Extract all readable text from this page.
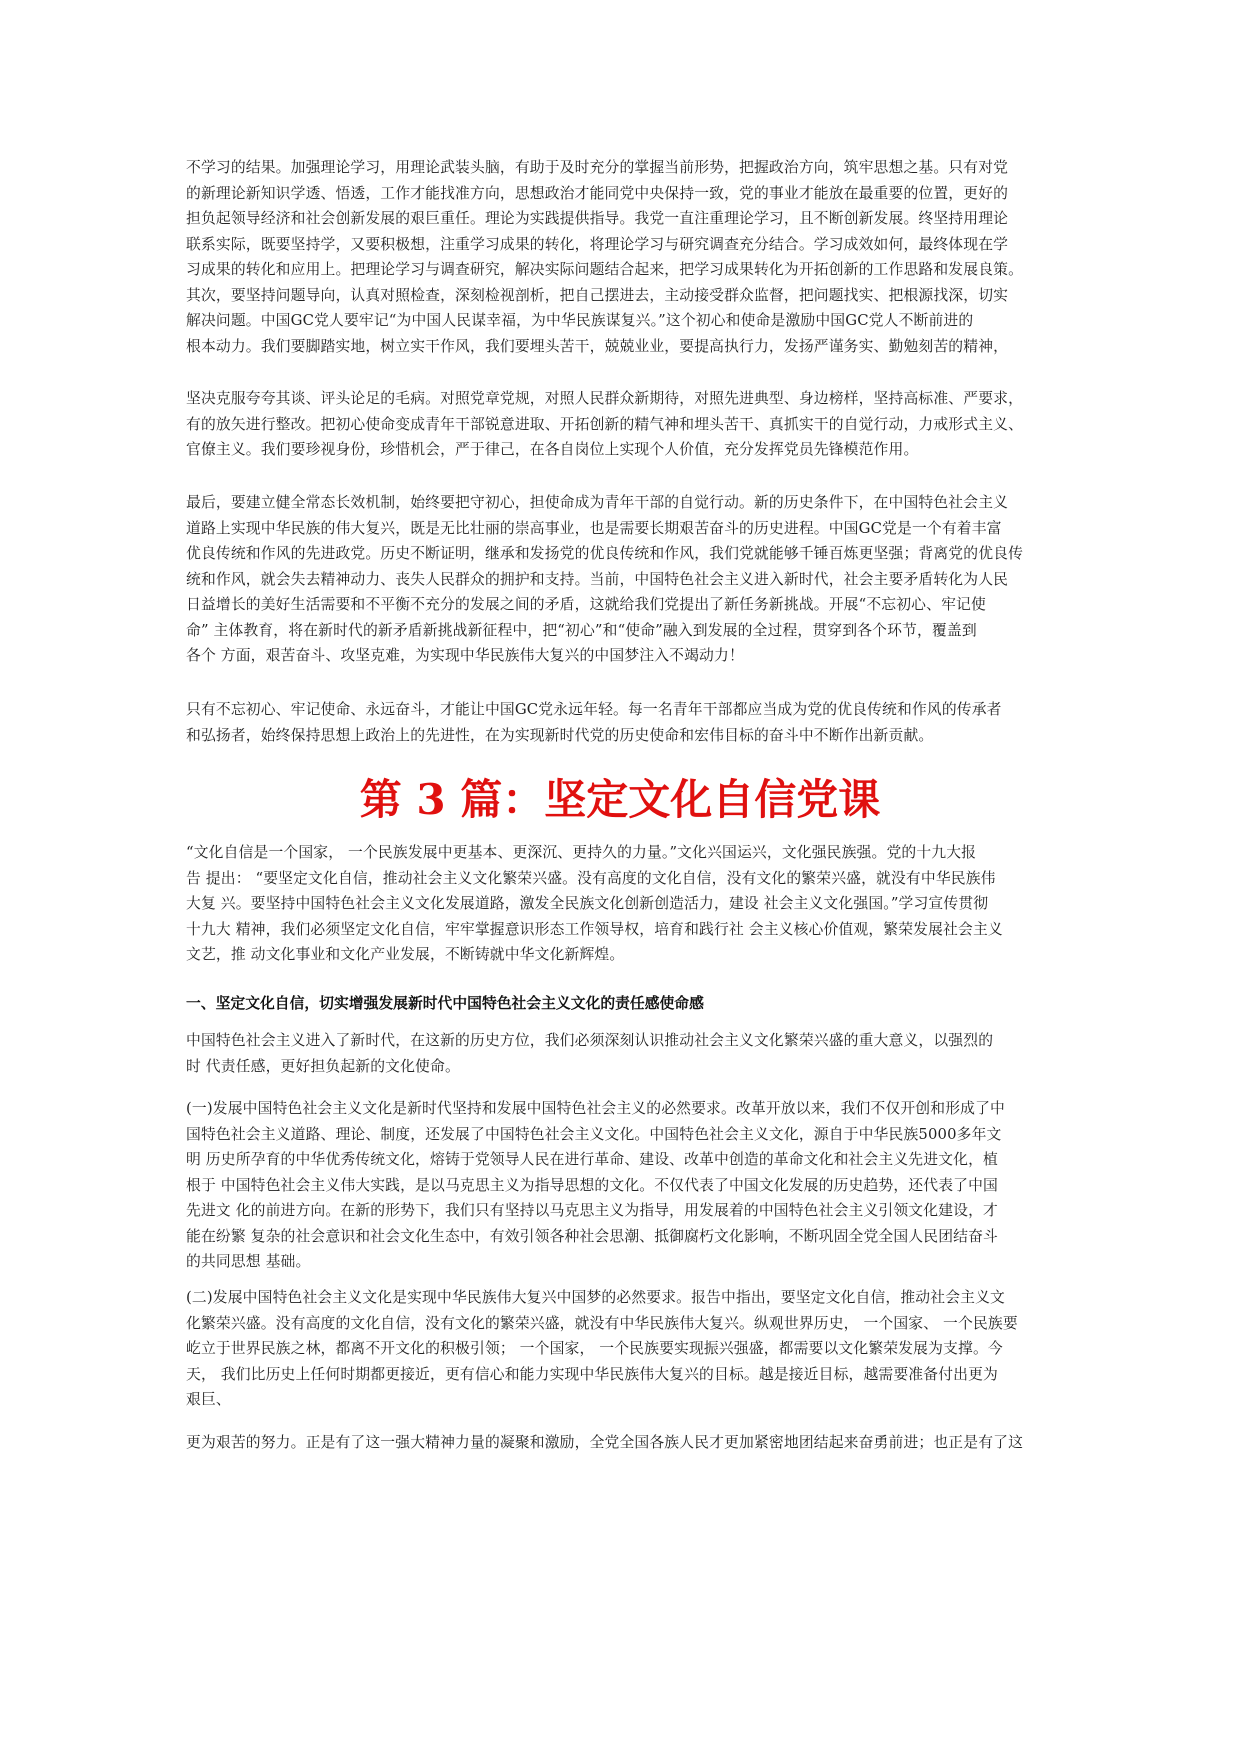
不学习的结果。加强理论学习，用理论武装头脑，有助于及时充分的掌握当前形势，把握政治方向，筑牢思想之基。只有对党
的新理论新知识学透、悟透，工作才能找准方向，思想政治才能同党中央保持一致，党的事业才能放在最重要的位置，更好的
担负起领导经济和社会创新发展的艰巨重任。理论为实践提供指导。我党一直注重理论学习，且不断创新发展。终坚持用理论
联系实际，既要坚持学，又要积极想，注重学习成果的转化，将理论学习与研究调查充分结合。学习成效如何，最终体现在学
习成果的转化和应用上。把理论学习与调查研究，解决实际问题结合起来，把学习成果转化为开拓创新的工作思路和发展良策。
其次，要坚持问题导向，认真对照检查，深刻检视剖析，把自己摆进去，主动接受群众监督，把问题找实、把根源找深，切实
解决问题。中国GC党人要牢记“为中国人民谋幸福，为中华民族谋复兴。”这个初心和使命是激励中国GC党人不断前进的
根本动力。我们要脚踏实地，树立实干作风，我们要埋头苦干，兢兢业业，要提高执行力，发扬严谨务实、勤勉刻苦的精神，
坚决克服夸夸其谈、评头论足的毛病。对照党章党规，对照人民群众新期待，对照先进典型、身边榜样，坚持高标准、严要求，
有的放矢进行整改。把初心使命变成青年干部锐意进取、开拓创新的精气神和埋头苦干、真抓实干的自觉行动，力戒形式主义、
官僚主义。我们要珍视身份，珍惜机会，严于律己，在各自岗位上实现个人价值，充分发挥党员先锋模范作用。
最后，要建立健全常态长效机制，始终要把守初心，担使命成为青年干部的自觉行动。新的历史条件下，在中国特色社会主义
道路上实现中华民族的伟大复兴，既是无比壮丽的崇高事业，也是需要长期艰苦奋斗的历史进程。中国GC党是一个有着丰富
优良传统和作风的先进政党。历史不断证明，继承和发扬党的优良传统和作风，我们党就能够千锤百炼更坚强；背离党的优良传
统和作风，就会失去精神动力、丧失人民群众的拥护和支持。当前，中国特色社会主义进入新时代，社会主要矛盾转化为人民
日益增长的美好生活需要和不平衡不充分的发展之间的矛盾，这就给我们党提出了新任务新挑战。开展“不忘初心、牢记使
命” 主体教育，将在新时代的新矛盾新挑战新征程中，把“初心”和“使命”融入到发展的全过程，贯穿到各个环节，覆盖到
各个 方面，艰苦奋斗、攻坚克难，为实现中华民族伟大复兴的中国梦注入不竭动力！
只有不忘初心、牢记使命、永远奋斗，才能让中国GC党永远年轻。每一名青年干部都应当成为党的优良传统和作风的传承者
和弘扬者，始终保持思想上政治上的先进性，在为实现新时代党的历史使命和宏伟目标的奋斗中不断作出新贡献。
第 3 篇：坚定文化自信党课
“文化自信是一个国家， 一个民族发展中更基本、更深沉、更持久的力量。”文化兴国运兴，文化强民族强。党的十九大报
告 提出： “要坚定文化自信，推动社会主义文化繁荣兴盛。没有高度的文化自信，没有文化的繁荣兴盛，就没有中华民族伟
大复 兴。要坚持中国特色社会主义文化发展道路，激发全民族文化创新创造活力，建设 社会主义文化强国。”学习宣传贯彻
十九大 精神，我们必须坚定文化自信，牢牢掌握意识形态工作领导权，培育和践行社 会主义核心价值观，繁荣发展社会主义
文艺，推 动文化事业和文化产业发展，不断铸就中华文化新辉煌。
一、坚定文化自信，切实增强发展新时代中国特色社会主义文化的责任感使命感
中国特色社会主义进入了新时代，在这新的历史方位，我们必须深刻认识推动社会主义文化繁荣兴盛的重大意义，以强烈的
时 代责任感，更好担负起新的文化使命。
(一)发展中国特色社会主义文化是新时代坚持和发展中国特色社会主义的必然要求。改革开放以来，我们不仅开创和形成了中
国特色社会主义道路、理论、制度，还发展了中国特色社会主义文化。中国特色社会主义文化，源自于中华民族5000多年文
明 历史所孕育的中华优秀传统文化，熔铸于党领导人民在进行革命、建设、改革中创造的革命文化和社会主义先进文化，植
根于 中国特色社会主义伟大实践，是以马克思主义为指导思想的文化。不仅代表了中国文化发展的历史趋势，还代表了中国
先进文 化的前进方向。在新的形势下，我们只有坚持以马克思主义为指导，用发展着的中国特色社会主义引领文化建设，才
能在纷繁 复杂的社会意识和社会文化生态中，有效引领各种社会思潮、抵御腐朽文化影响，不断巩固全党全国人民团结奋斗
的共同思想 基础。
(二)发展中国特色社会主义文化是实现中华民族伟大复兴中国梦的必然要求。报告中指出，要坚定文化自信，推动社会主义文
化繁荣兴盛。没有高度的文化自信，没有文化的繁荣兴盛，就没有中华民族伟大复兴。纵观世界历史， 一个国家、 一个民族要
屹立于世界民族之林，都离不开文化的积极引领； 一个国家， 一个民族要实现振兴强盛，都需要以文化繁荣发展为支撑。今
天， 我们比历史上任何时期都更接近，更有信心和能力实现中华民族伟大复兴的目标。越是接近目标，越需要准备付出更为
艰巨、
更为艰苦的努力。正是有了这一强大精神力量的凝聚和激励，全党全国各族人民才更加紧密地团结起来奋勇前进；也正是有了这
